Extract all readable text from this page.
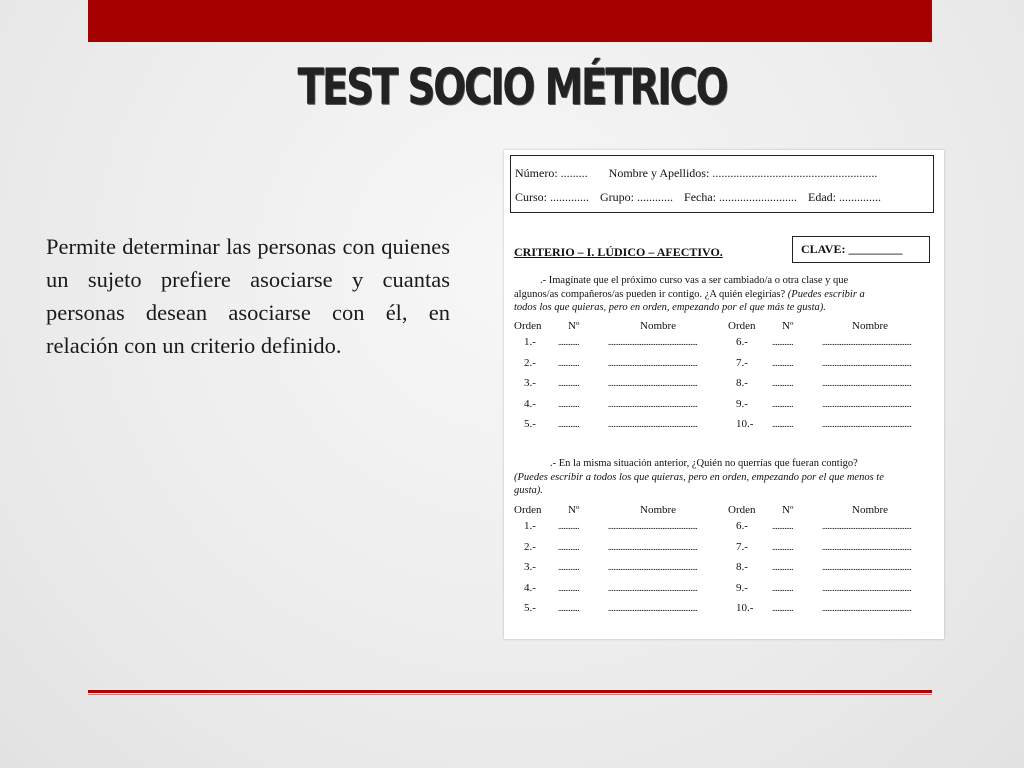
TEST SOCIO MÉTRICO
Permite determinar las personas con quienes un sujeto prefiere asociarse y cuantas personas desean asociarse con él, en relación con un criterio definido.
Número: ......... Nombre y Apellidos: .......................................................
Curso: ............. Grupo: ............ Fecha: .......................... Edad: ..............
CRITERIO – I. LÚDICO – AFECTIVO.	CLAVE: _________
.- Imagínate que el próximo curso vas a ser cambiado/a o otra clase y que
algunos/as compañeros/as pueden ir contigo. ¿A quién elegirías? (Puedes escribir a
todos los que quieras, pero en orden, empezando por el que más te gusta).
Orden Nº	Nombre	Orden Nº	Nombre
1.- ............	...................................................	6.-	............	...................................................
2.- ............	...................................................	7.-	............	...................................................
3.- ............	...................................................	8.-	............	...................................................
4.- ............	...................................................	9.-	............	...................................................
5.- ............	...................................................	10.- ............	...................................................
.- En la misma situación anterior, ¿Quién no querrías que fueran contigo?
(Puedes escribir a todos los que quieras, pero en orden, empezando por el que menos te
gusta).
Orden Nº	Nombre	Orden Nº	Nombre
1.- ............	...................................................	6.-	............	...................................................
2.- ............	...................................................	7.-	............	...................................................
3.- ............	...................................................	8.-	............	...................................................
4.- ............	...................................................	9.-	............	...................................................
5.- ............	...................................................	10.- ............	...................................................
